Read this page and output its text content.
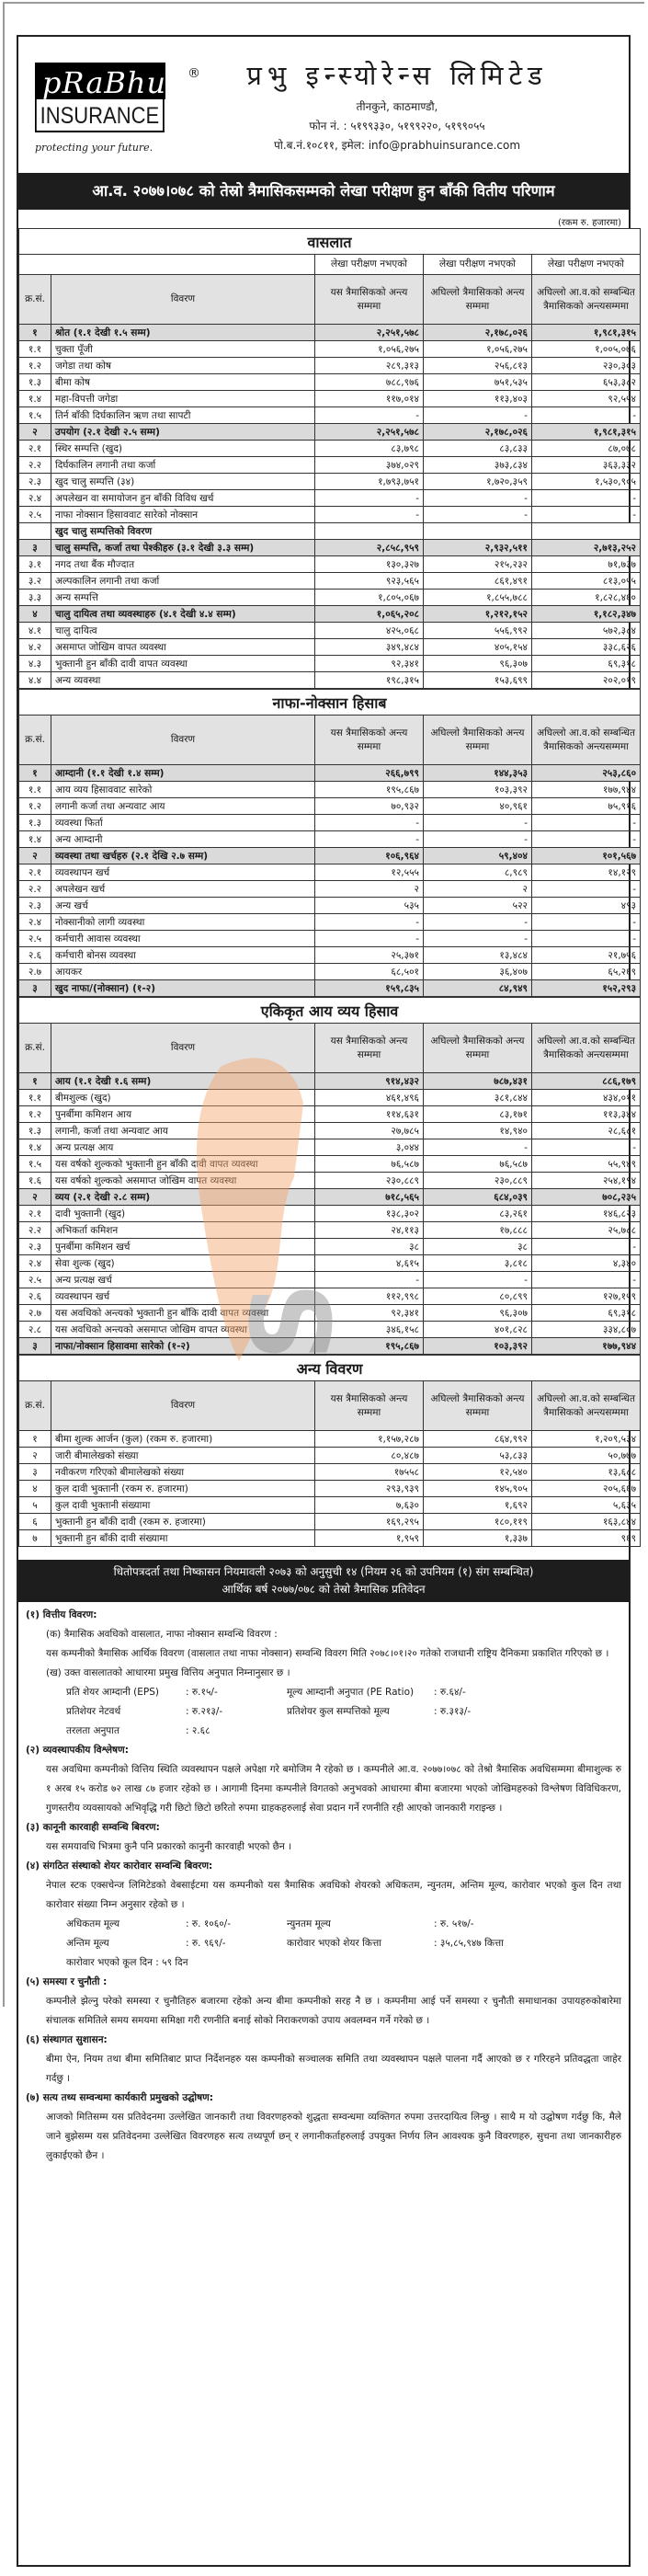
pRaBhu
INSURANCE
®
protecting your future.
प्रभु इन्स्योरेन्स लिमिटेड
तीनकुने, काठमाण्डौ,
फोन नं. : ५१९९३३०, ५१९९२२०, ५१९९०५५
पो.ब.नं.१०८११, इमेल: info@prabhuinsurance.com
आ.व. २०७७।०७८ को तेस्रो त्रैमासिकसम्मको लेखा परीक्षण हुन बाँकी वितीय परिणाम
(रकम रु. हजारमा)
वासलात				
		लेखा परीक्षण नभएको	लेखा परीक्षण नभएको	लेखा परीक्षण नभएको
क्र.सं.	विवरण	यस त्रैमासिकको अन्त्य सम्ममा	अघिल्लो त्रैमासिकको अन्त्य सम्ममा	अघिल्लो आ.व.को सम्बन्धित त्रैमासिकको अन्त्यसम्ममा
१	श्रोत (१.१ देखी १.५ सम्म)	२,२५१,५७८	२,१७८,०२६	१,९८१,३१५
१.१	चुक्ता पूँजी	१,०५६,२७५	१,०५६,२७५	१,००५,०७६
१.२	जगेडा तथा कोष	२८९,३१३	२५६,८१३	२३०,३०३
१.३	बीमा कोष	७८८,९७६	७५१,५३५	६५३,३८२
१.४	महा-विपत्ती जगेडा	११७,०१४	११३,४०३	९२,५५४
१.५	तिर्न बाँकी दिर्घकालिन ऋण तथा सापटी	-	-	-
२	उपयोग (२.१ देखी २.५ सम्म)	२,२५१,५७८	२,१७८,०२६	१,९८१,३१५
२.१	स्थिर सम्पत्ति (खुद)	८३,७९८	८३,८३३	८७,०७८
२.२	दिर्घकालिन लगानी तथा कर्जा	३७४,०२९	३७३,८३४	३६३,३३२
२.३	खुद चालु सम्पत्ति (३४)	१,७९३,७५१	१,७२०,३५९	१,५३०,९०५
२.४	अपलेखन वा समायोजन हुन बाँकी विविध खर्च	-	-	-
२.५	नाफा नोक्सान हिसाववाट सारेको नोक्सान	-	-	-
	खुद चालु सम्पत्तिको विवरण			
३	चालु सम्पत्ति, कर्जा तथा पेश्कीहरु (३.१ देखी ३.३ सम्म)	२,८५८,९५९	२,९३२,५११	२,७१३,२५२
३.१	नगद तथा बैंक मौज्दात	१३०,३२७	२१५,२३२	७१,७३७
३.२	अल्पकालिन लगानी तथा कर्जा	९२३,५६५	८६१,४९१	८१३,०५५
३.३	अन्य सम्पत्ति	१,८०५,०६७	१,८५५,७८८	१,८२८,४६०
४	चालु दायित्व तथा व्यवस्थाहरु (४.१ देखी ४.४ सम्म)	१,०६५,२०८	१,२१२,१५२	१,१८२,३४७
४.१	चालु दायित्व	४२५,०६८	५५६,९९२	५७२,३८४
४.२	असमाप्त जोखिम वापत व्यवस्था	३४९,४८४	४०५,१५४	३३८,६२६
४.३	भुक्तानी हुन बाँकी दावी वापत व्यवस्था	९२,३४१	९६,३०७	६९,३१८
४.४	अन्य व्यवस्था	१९८,३१५	१५३,६९९	२०२,०१९
नाफा-नोक्सान हिसाब				
क्र.सं.	विवरण	यस त्रैमासिकको अन्त्य सम्ममा	अघिल्लो त्रैमासिकको अन्त्य सम्ममा	अघिल्लो आ.व.को सम्बन्धित त्रैमासिकको अन्त्यसम्ममा
१	आम्दानी (१.१ देखी १.४ सम्म)	२६६,७९९	१४४,३५३	२५३,८६०
१.१	आय व्यय हिसाववाट सारेको	१९५,८६७	१०३,३९२	१७७,९४४
१.२	लगानी कर्जा तथा अन्यवाट आय	७०,९३२	४०,९६१	७५,९१६
१.३	व्यवस्था फिर्ता	-	-	-
१.४	अन्य आम्दानी	-	-	-
२	व्यवस्था तथा खर्चहरु (२.१ देखि २.७ सम्म)	१०६,९६४	५९,४०४	१०१,५६७
२.१	व्यवस्थापन खर्च	१२,५५५	८,९८९	१४,१२९
२.२	अपलेखन खर्च	२	२	-
२.३	अन्य खर्च	५३५	५२२	४९३
२.४	नोक्सानीको लागी व्यवस्था	-	-	-
२.५	कर्मचारी आवास व्यवस्था	-	-	-
२.६	कर्मचारी बोनस व्यवस्था	२५,३७१	१३,४८४	२१,७५६
२.७	आयकर	६८,५०१	३६,४०७	६५,२६९
३	खुद नाफा/(नोक्सान) (१-२)	१५९,८३५	८४,९४९	१५२,२९३
एकिकृत आय व्यय हिसाव				
क्र.सं.	विवरण	यस त्रैमासिकको अन्त्य सम्ममा	अघिल्लो त्रैमासिकको अन्त्य सम्ममा	अघिल्लो आ.व.को सम्बन्धित त्रैमासिकको अन्त्यसम्ममा
१	आय (१.१ देखी १.६ सम्म)	९१४,४३२	७८७,४३१	८८६,१७९
१.१	बीमशुल्क (खुद)	४६१,४९६	३८१,८४४	४३४,०११
१.२	पुनर्बीमा कमिशन आय	११४,६३१	८३,१७१	११३,३४४
१.३	लगानी, कर्जा तथा अन्यवाट आय	२७,७८५	१४,९४०	२८,६८१
१.४	अन्य प्रत्यक्ष आय	३,०४४	-	-
१.५	यस वर्षको शुल्कको भुक्तानी हुन बाँकी दावी वापत व्यवस्था	७६,५८७	७६,५८७	५५,९४९
१.६	यस वर्षको शुल्कको असमाप्त जोखिम वापत व्यवस्था	२३०,८८९	२३०,८८९	२५४,१९४
२	व्यय (२.१ देखी २.८ सम्म)	७१८,५६५	६८४,०३९	७०८,२३५
२.१	दावी भुक्तानी (खुद)	१३८,३०२	८३,२६१	१४६,८२३
२.२	अभिकर्ता कमिशन	२४,११३	१७,८८८	२५,७८८
२.३	पुनर्बीमा कमिशन खर्च	३८	३८	-
२.४	सेवा शुल्क (खुद)	४,६१५	३,८१८	४,३४०
२.५	अन्य प्रत्यक्ष खर्च	-	-	-
२.६	व्यवस्थापन खर्च	११२,९९८	८०,८९९	१२७,१५९
२.७	यस अवधिको अन्त्यको भुक्तानी हुन बाँकि दावी वापत व्यवस्था	९२,३४१	९६,३०७	६९,३१८
२.८	यस अवधिको अन्त्यको असमाप्त जोखिम वापत व्यवस्था	३४६,१५८	४०१,८२८	३३४,८०७
३	नाफा/नोक्सान हिसावमा सारेको (१-२)	१९५,८६७	१०३,३९२	१७७,९४४
अन्य विवरण				
क्र.सं.	विवरण	यस त्रैमासिकको अन्त्य सम्ममा	अघिल्लो त्रैमासिकको अन्त्य सम्ममा	अघिल्लो आ.व.को सम्बन्धित त्रैमासिकको अन्त्यसम्ममा
१	बीमा शुल्क आर्जन (कुल) (रकम रु. हजारमा)	१,१५७,२८७	८६४,९९२	१,२०९,५३४
२	जारी बीमालेखको संख्या	८०,४८७	५३,८३३	५०,७७७
३	नवीकरण गरिएको बीमालेखको संख्या	१७५५८	१२,५४०	१३,६८८
४	कुल दावी भुक्तानी (रकम रु. हजारमा)	२९३,९३९	१४५,९०५	२०५,६६७
५	कुल दावी भुक्तानी संख्यामा	७,६३०	१,६९२	५,६३५
६	भुक्तानी हुन बाँकी दावी (रकम रु. हजारमा)	१६९,२९५	१८०,११९	१६३,८४४
७	भुक्तानी हुन बाँकी दावी संख्यामा	१,९५९	१,३३७	९६९
धितोपत्रदर्ता तथा निष्कासन नियमावली २०७३ को अनुसुची १४ (नियम २६ को उपनियम (१) संग सम्बन्धित)
आर्थिक बर्ष २०७७/०७८ को तेस्रो त्रैमासिक प्रतिवेदन
(१) वित्तीय विवरण:
(क) त्रैमासिक अवधिको वासलात, नाफा नोक्सान सम्वन्धि विवरण :
यस कम्पनीको त्रैमासिक आर्थिक विवरण (वासलात तथा नाफा नोक्सान) सम्वन्धि विवरग मिति २०७८।०१।२० गतेको राजधानी राष्ट्रिय दैनिकमा प्रकाशित गरिएको छ ।
(ख) उक्त वासलातको आधारमा प्रमुख वित्तिय अनुपात निम्नानुसार छ ।
प्रति शेयर आम्दानी (EPS)	: रु.१५/-	मूल्य आम्दानी अनुपात (PE Ratio)	: रु.६४/-
प्रतिशेयर नेटवर्थ	: रु.२१३/-	प्रतिशेयर कुल सम्पत्तिको मूल्य	: रु.३१३/-
तरलता अनुपात	: २.६८
(२) व्यवस्थापकीय विश्लेषण:
यस अवधिमा कम्पनीको वित्तिय स्थिति व्यवस्थापन पक्षले अपेक्षा गरे बमोजिम नै रहेको छ । कम्पनीले आ.व. २०७७।०७८ को तेश्रो त्रैमासिक अवधिसम्ममा बीमाशुल्क रु १ अरब १५ करोड ७२ लाख ८७ हजार रहेको छ । आगामी दिनमा कम्पनीले विगतको अनुभवको आधारमा बीमा बजारमा भएको जोखिमहरुको विश्लेषण विविधिकरण, गुणस्तरीय व्यवसायको अभिवृद्धि गरी छिटो छिटो छरितो रुपमा ग्राहकहरुलाई सेवा प्रदान गर्ने रणनीति रही आएको जानकारी गराइन्छ ।
(३) कानूनी कारवाही सम्वन्धि बिवरण:
यस समयावधि भित्रमा कुनै पनि प्रकारको कानुनी कारवाही भएको छैन ।
(४) संगठित संस्थाको शेयर कारोवार सम्वन्धि बिवरण:
नेपाल स्टक एक्सचेन्ज लिमिटेडको वेबसाईटमा यस कम्पनीको यस त्रैमासिक अवधिको शेयरको अधिकतम, न्युनतम, अन्तिम मूल्य, कारोवार भएको कुल दिन तथा कारोवार संख्या निम्न अनुसार रहेको छ ।
अधिकतम मूल्य	: रु. १०६०/-	न्युनतम मूल्य	: रु. ५१७/-
अन्तिम मूल्य	: रु. ९६९/-	कारोवार भएको शेयर कित्ता	: ३५,८५,९४७ कित्ता
कारोवार भएको कूल दिन : ५९ दिन
(५) समस्या र चुनौती :
कम्पनीले झेल्नु परेको समस्या र चुनौतिहरु बजारमा रहेको अन्य बीमा कम्पनीको सरह नै छ । कम्पनीमा आई पर्ने समस्या र चुनौती समाधानका उपायहरुकोबारेमा संचालक समितिले समय समयमा समिक्षा गरी रणनीति बनाई सोको निराकरणको उपाय अवलम्वन गर्ने गरेको छ ।
(६) संस्थागत सुशासन:
बीमा ऐन, नियम तथा बीमा समितिबाट प्राप्त निर्देशनहरु यस कम्पनीको सञ्चालक समिति तथा व्यवस्थापन पक्षले पालना गर्दै आएको छ र गरिरहने प्रतिवद्धता जाहेर गर्दछु ।
(७) सत्य तथ्य सम्वन्धमा कार्यकारी प्रमुखको उद्घोषण:
आजको मितिसम्म यस प्रतिवेदनमा उल्लेखित जानकारी तथा विवरणहरुको शुद्धता सम्वन्धमा व्यक्तिगत रुपमा उत्तरदायित्व लिन्छु । साथै म यो उद्घोषण गर्दछु कि, मैले जाने बुझेसम्म यस प्रतिवेदनमा उल्लेखित विवरणहरु सत्य तथ्यपूर्ण छन् र लगानीकर्ताहरुलाई उपयुक्त निर्णय लिन आवश्यक कुनै विवरणहरु, सुचना तथा जानकारीहरु लुकाईएको छैन ।
S
